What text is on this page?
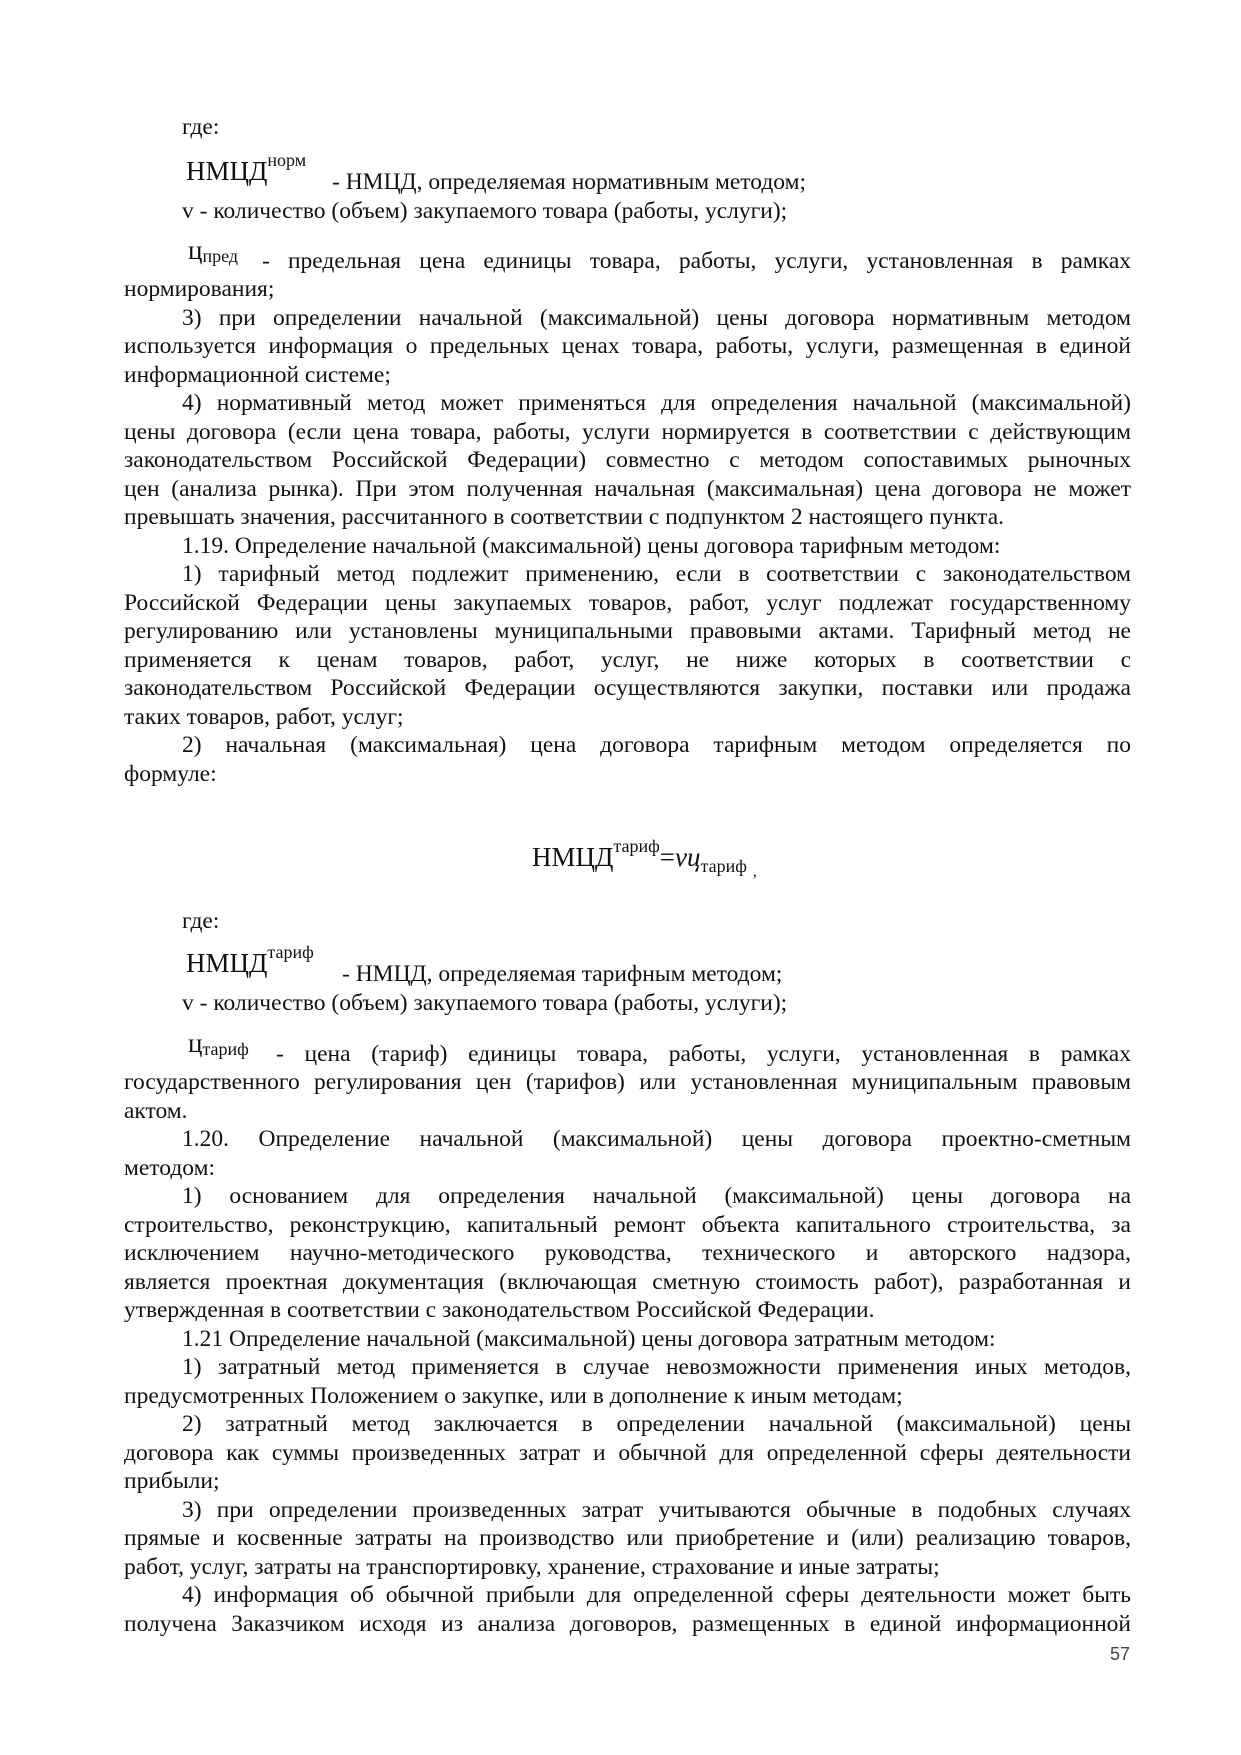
где:
$НМЦД^{норм}$
- НМЦД, определяемая нормативным методом;
v - количество (объем) закупаемого товара (работы, услуги);
цпред - предельная цена единицы товара, работы, услуги, установленная в рамках
нормирования;
3) при определении начальной (максимальной) цены договора нормативным методом
используется информация о предельных ценах товара, работы, услуги, размещенная в единой
информационной системе;
4) нормативный метод может применяться для определения начальной (максимальной)
цены договора (если цена товара, работы, услуги нормируется в соответствии с действующим
законодательством Российской Федерации) совместно с методом сопоставимых рыночных
цен (анализа рынка). При этом полученная начальная (максимальная) цена договора не может
превышать значения, рассчитанного в соответствии с подпунктом 2 настоящего пункта.
1.19. Определение начальной (максимальной) цены договора тарифным методом:
1) тарифный метод подлежит применению, если в соответствии с законодательством
Российской Федерации цены закупаемых товаров, работ, услуг подлежат государственному
регулированию или установлены муниципальными правовыми актами. Тарифный метод не
применяется к ценам товаров, работ, услуг, не ниже которых в соответствии с
законодательством Российской Федерации осуществляются закупки, поставки или продажа
таких товаров, работ, услуг;
2) начальная (максимальная) цена договора тарифным методом определяется по
формуле:
$НМЦД^{тариф}=vц_{тариф}$ $_,$
где:
$НМЦД^{тариф}$
- НМЦД, определяемая тарифным методом;
v - количество (объем) закупаемого товара (работы, услуги);
цтариф - цена (тариф) единицы товара, работы, услуги, установленная в рамках
государственного регулирования цен (тарифов) или установленная муниципальным правовым
актом.
1.20. Определение начальной (максимальной) цены договора проектно-сметным
методом:
1) основанием для определения начальной (максимальной) цены договора на
строительство, реконструкцию, капитальный ремонт объекта капитального строительства, за
исключением научно-методического руководства, технического и авторского надзора,
является проектная документация (включающая сметную стоимость работ), разработанная и
утвержденная в соответствии с законодательством Российской Федерации.
1.21 Определение начальной (максимальной) цены договора затратным методом:
1) затратный метод применяется в случае невозможности применения иных методов,
предусмотренных Положением о закупке, или в дополнение к иным методам;
2) затратный метод заключается в определении начальной (максимальной) цены
договора как суммы произведенных затрат и обычной для определенной сферы деятельности
прибыли;
3) при определении произведенных затрат учитываются обычные в подобных случаях
прямые и косвенные затраты на производство или приобретение и (или) реализацию товаров,
работ, услуг, затраты на транспортировку, хранение, страхование и иные затраты;
4) информация об обычной прибыли для определенной сферы деятельности может быть
получена Заказчиком исходя из анализа договоров, размещенных в единой информационной
57
